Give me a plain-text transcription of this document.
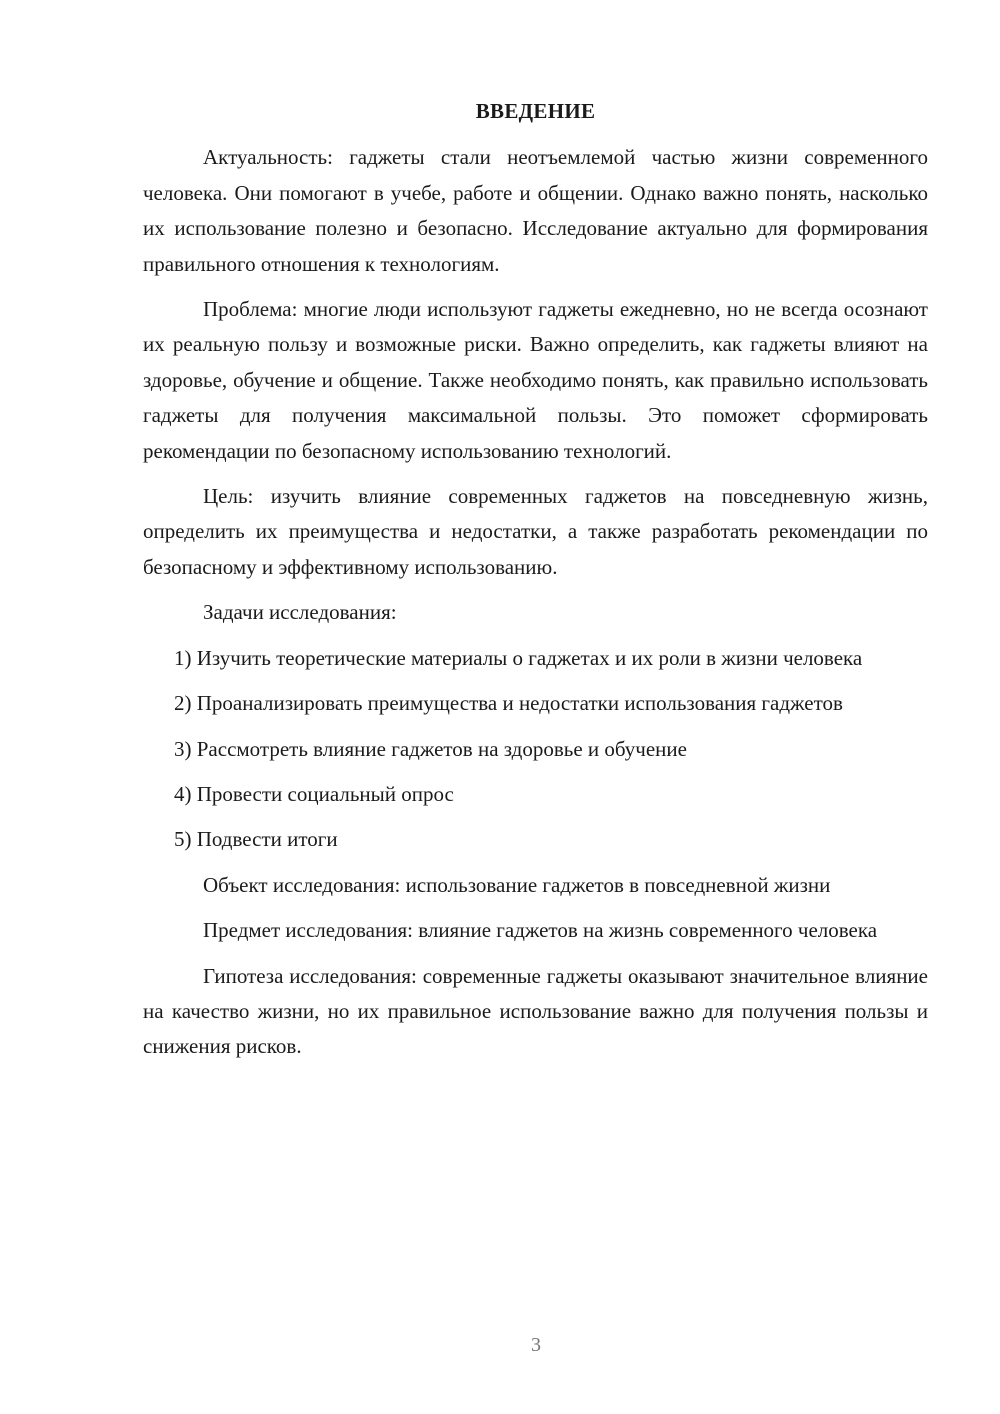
ВВЕДЕНИЕ

Актуальность: гаджеты стали неотъемлемой частью жизни современного человека. Они помогают в учебе, работе и общении. Однако важно понять, насколько их использование полезно и безопасно. Исследование актуально для формирования правильного отношения к технологиям.

Проблема: многие люди используют гаджеты ежедневно, но не всегда осознают их реальную пользу и возможные риски. Важно определить, как гаджеты влияют на здоровье, обучение и общение. Также необходимо понять, как правильно использовать гаджеты для получения максимальной пользы. Это поможет сформировать рекомендации по безопасному использованию технологий.

Цель: изучить влияние современных гаджетов на повседневную жизнь, определить их преимущества и недостатки, а также разработать рекомендации по безопасному и эффективному использованию.

Задачи исследования:

1) Изучить теоретические материалы о гаджетах и их роли в жизни человека

2) Проанализировать преимущества и недостатки использования гаджетов

3) Рассмотреть влияние гаджетов на здоровье и обучение

4) Провести социальный опрос

5) Подвести итоги

Объект исследования: использование гаджетов в повседневной жизни

Предмет исследования: влияние гаджетов на жизнь современного человека

Гипотеза исследования: современные гаджеты оказывают значительное влияние на качество жизни, но их правильное использование важно для получения пользы и снижения рисков.

3
